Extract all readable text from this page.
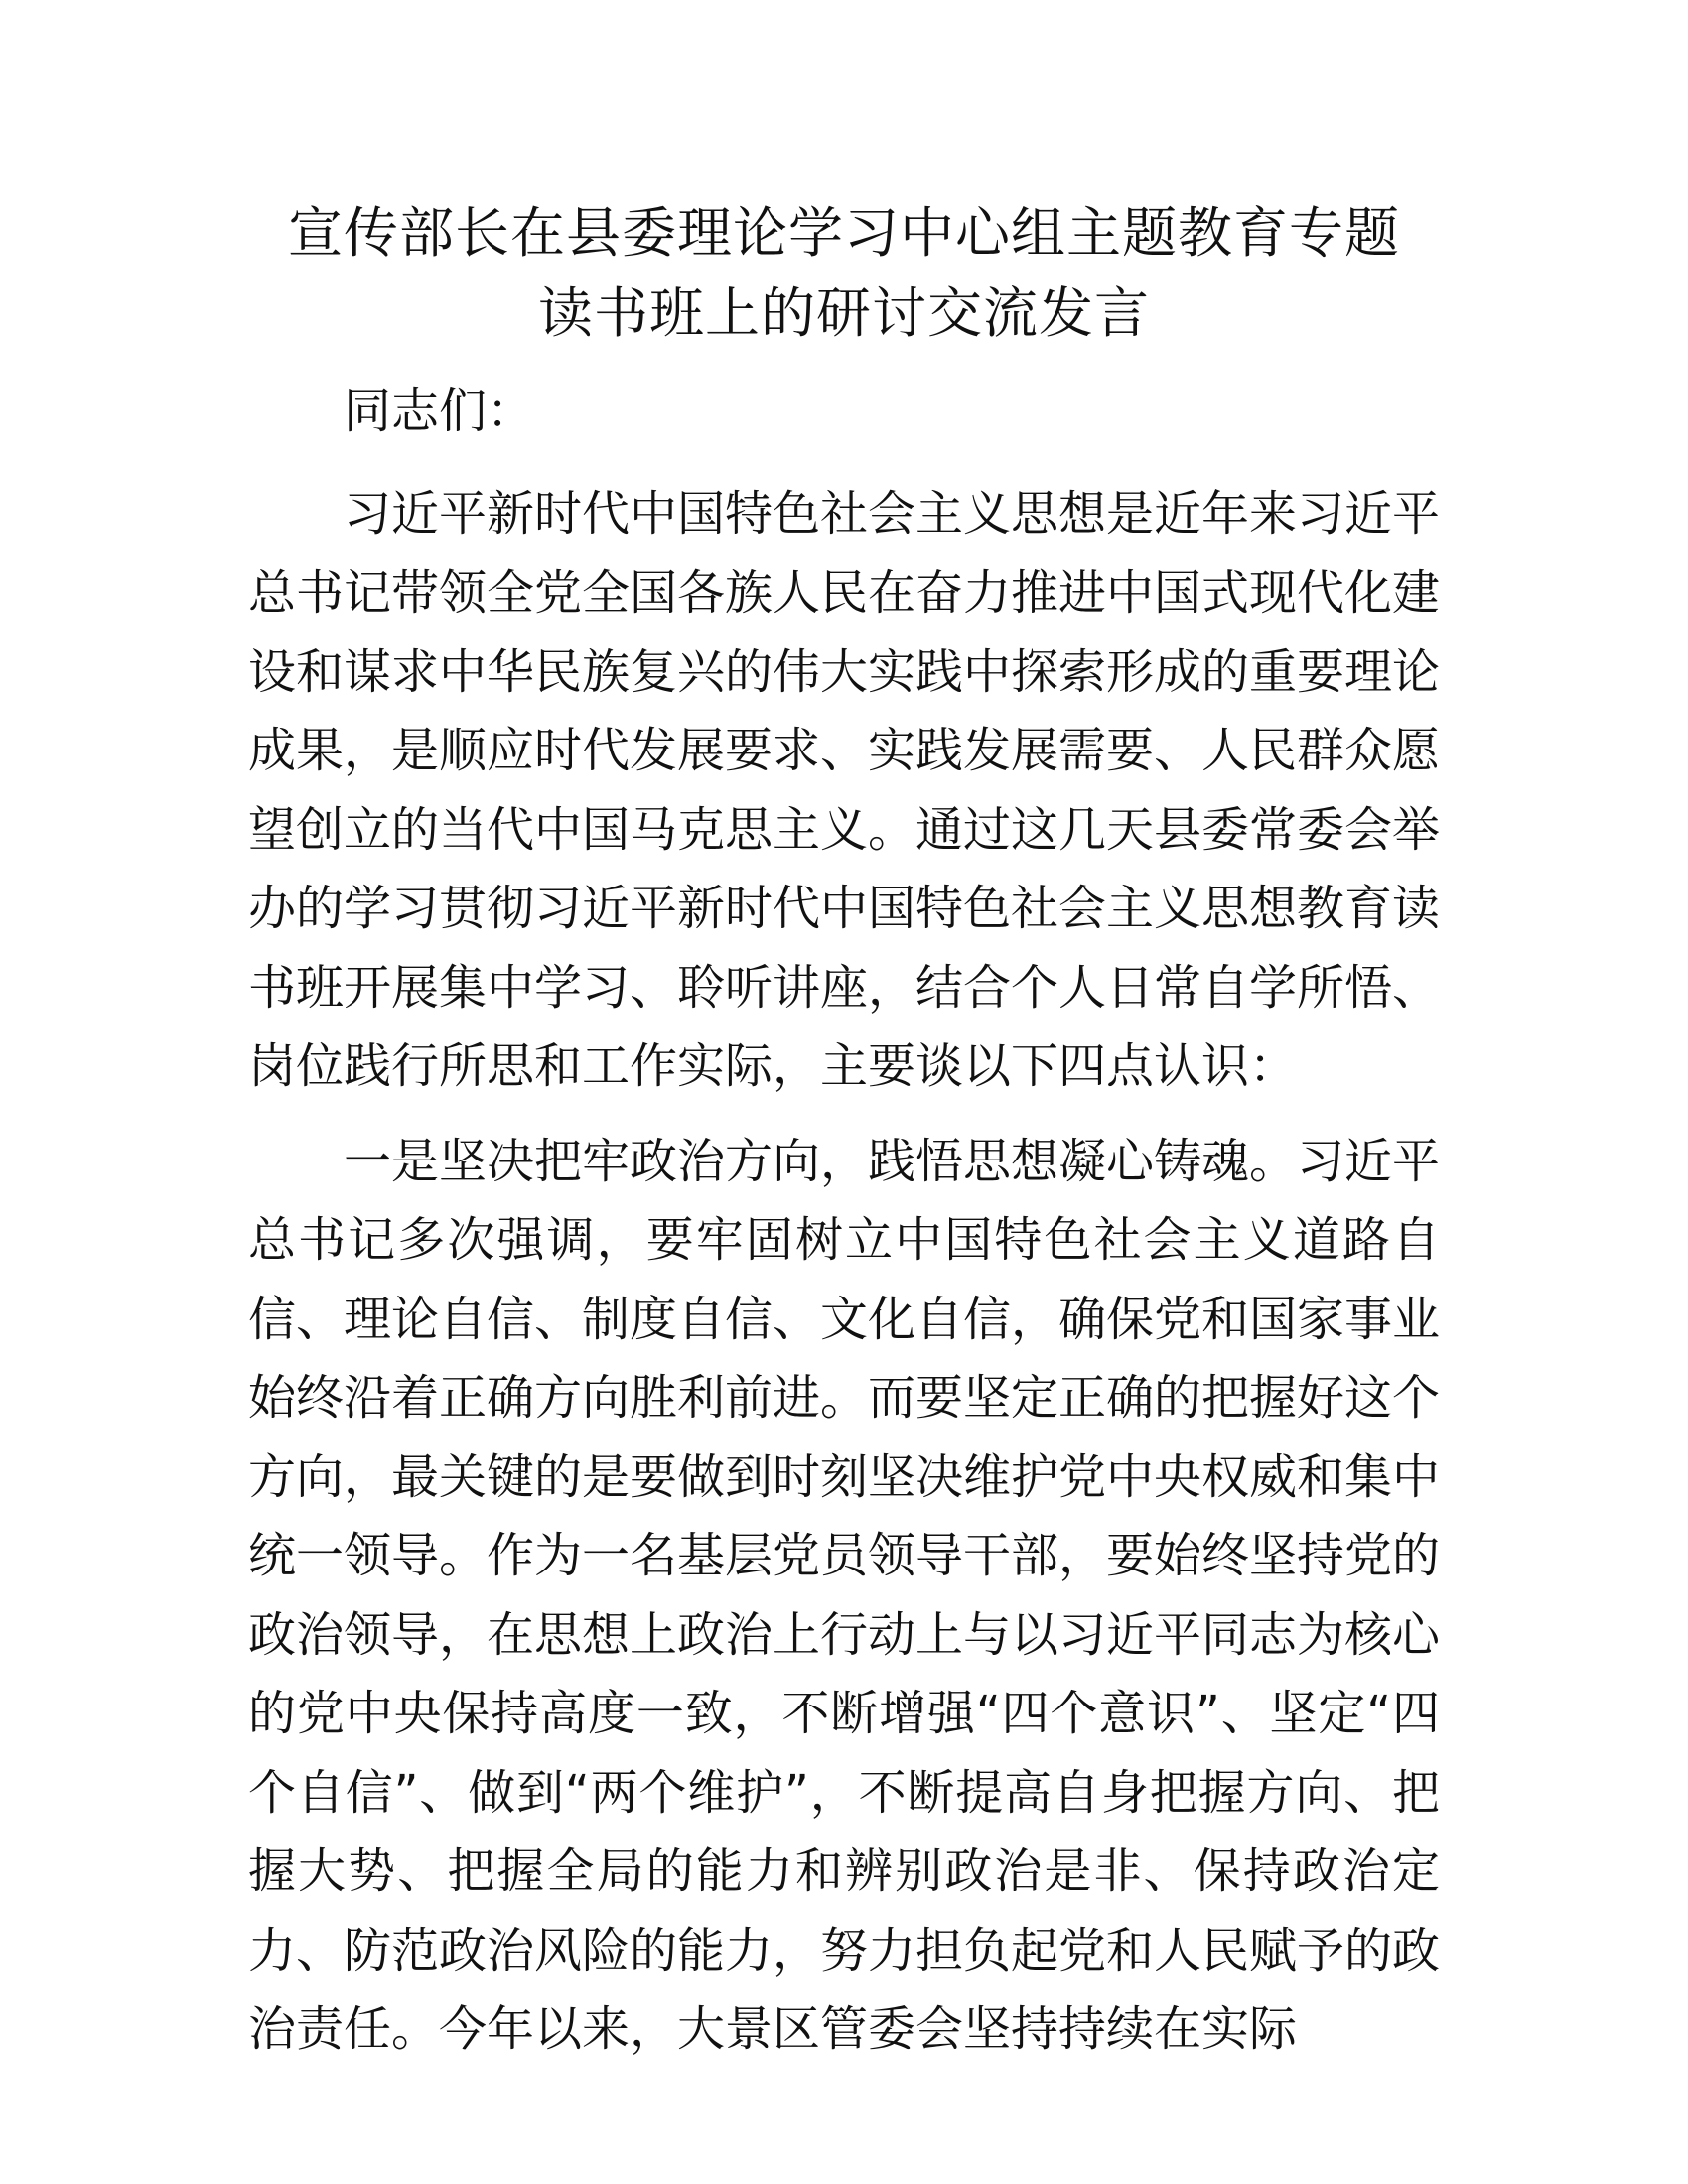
宣传部长在县委理论学习中心组主题教育专题
读书班上的研讨交流发言

同志们：

习近平新时代中国特色社会主义思想是近年来习近平总书记带领全党全国各族人民在奋力推进中国式现代化建设和谋求中华民族复兴的伟大实践中探索形成的重要理论成果，是顺应时代发展要求、实践发展需要、人民群众愿望创立的当代中国马克思主义。通过这几天县委常委会举办的学习贯彻习近平新时代中国特色社会主义思想教育读书班开展集中学习、聆听讲座，结合个人日常自学所悟、岗位践行所思和工作实际，主要谈以下四点认识：

一是坚决把牢政治方向，践悟思想凝心铸魂。习近平总书记多次强调，要牢固树立中国特色社会主义道路自信、理论自信、制度自信、文化自信，确保党和国家事业始终沿着正确方向胜利前进。而要坚定正确的把握好这个方向，最关键的是要做到时刻坚决维护党中央权威和集中统一领导。作为一名基层党员领导干部，要始终坚持党的政治领导，在思想上政治上行动上与以习近平同志为核心的党中央保持高度一致，不断增强“四个意识”、坚定“四个自信”、做到“两个维护”，不断提高自身把握方向、把握大势、把握全局的能力和辨别政治是非、保持政治定力、防范政治风险的能力，努力担负起党和人民赋予的政治责任。今年以来，大景区管委会坚持持续在实际
